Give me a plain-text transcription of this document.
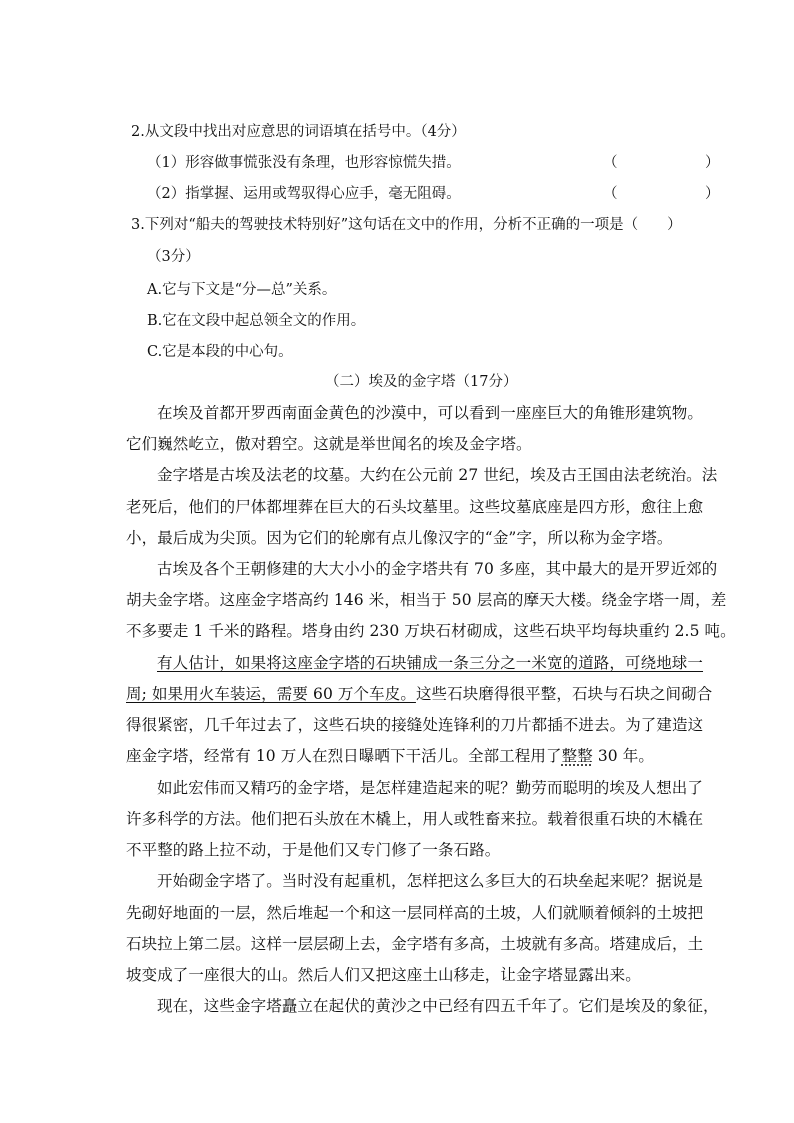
2.从文段中找出对应意思的词语填在括号中。（4分）
（1）形容做事慌张没有条理，也形容惊慌失措。	（	）
（2）指掌握、运用或驾驭得心应手，毫无阻碍。	（	）
3.下列对“船夫的驾驶技术特别好”这句话在文中的作用，分析不正确的一项是（　　）
（3分）
A.它与下文是“分—总”关系。
B.它在文段中起总领全文的作用。
C.它是本段的中心句。
（二）埃及的金字塔（17分）
在埃及首都开罗西南面金黄色的沙漠中，可以看到一座座巨大的角锥形建筑物。
它们巍然屹立，傲对碧空。这就是举世闻名的埃及金字塔。
金字塔是古埃及法老的坟墓。大约在公元前 27 世纪，埃及古王国由法老统治。法
老死后，他们的尸体都埋葬在巨大的石头坟墓里。这些坟墓底座是四方形，愈往上愈
小，最后成为尖顶。因为它们的轮廓有点儿像汉字的“金”字，所以称为金字塔。
古埃及各个王朝修建的大大小小的金字塔共有 70 多座，其中最大的是开罗近郊的
胡夫金字塔。这座金字塔高约 146 米，相当于 50 层高的摩天大楼。绕金字塔一周，差
不多要走 1 千米的路程。塔身由约 230 万块石材砌成，这些石块平均每块重约 2.5 吨。
有人估计，如果将这座金字塔的石块铺成一条三分之一米宽的道路，可绕地球一
周; 如果用火车装运，需要 60 万个车皮。这些石块磨得很平整，石块与石块之间砌合
得很紧密，几千年过去了，这些石块的接缝处连锋利的刀片都插不进去。为了建造这
座金字塔，经常有 10 万人在烈日曝晒下干活儿。全部工程用了整整 30 年。
如此宏伟而又精巧的金字塔，是怎样建造起来的呢？勤劳而聪明的埃及人想出了
许多科学的方法。他们把石头放在木橇上，用人或牲畜来拉。载着很重石块的木橇在
不平整的路上拉不动，于是他们又专门修了一条石路。
开始砌金字塔了。当时没有起重机，怎样把这么多巨大的石块垒起来呢？据说是
先砌好地面的一层，然后堆起一个和这一层同样高的土坡，人们就顺着倾斜的土坡把
石块拉上第二层。这样一层层砌上去，金字塔有多高，土坡就有多高。塔建成后，土
坡变成了一座很大的山。然后人们又把这座土山移走，让金字塔显露出来。
现在，这些金字塔矗立在起伏的黄沙之中已经有四五千年了。它们是埃及的象征，
